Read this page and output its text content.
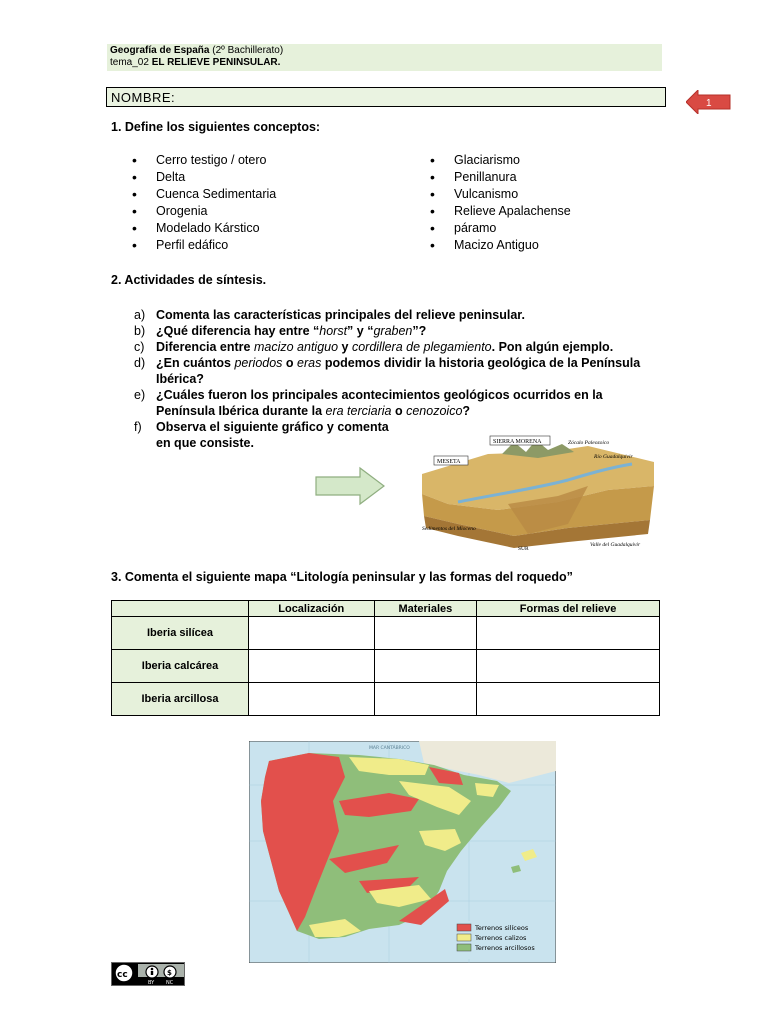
Geografía de España (2º Bachillerato)
tema_02 EL RELIEVE PENINSULAR.
NOMBRE:	1
1. Define los siguientes conceptos:
• Cerro testigo / otero
• Delta
• Cuenca Sedimentaria
• Orogenia
• Modelado Kárstico
• Perfil edáfico
• Glaciarismo
• Penillanura
• Vulcanismo
• Relieve Apalachense
• páramo
• Macizo Antiguo
2. Actividades de síntesis.
a) Comenta las características principales del relieve peninsular.
b) ¿Qué diferencia hay entre “horst” y “graben”?
c) Diferencia entre macizo antiguo y cordillera de plegamiento. Pon algún ejemplo.
d) ¿En cuántos periodos o eras podemos dividir la historia geológica de la Península Ibérica?
e) ¿Cuáles fueron los principales acontecimientos geológicos ocurridos en la Península Ibérica durante la era terciaria o cenozoico?
f) Observa el siguiente gráfico y comenta en que consiste.	SIERRA MORENA	Zócalo Paleozoico
MESETA
Río Guadalquivir
Sedimentos del Mioceno
Valle del Guadalquivir
SUR
3. Comenta el siguiente mapa “Litología peninsular y las formas del roquedo”
	Localización	Materiales	Formas del relieve
Iberia silícea			
Iberia calcárea			
Iberia arcillosa			
MAR CANTÁBRICO
Terrenos silíceos
Terrenos calizos
Terrenos arcillosos
cc	$
BY NC
